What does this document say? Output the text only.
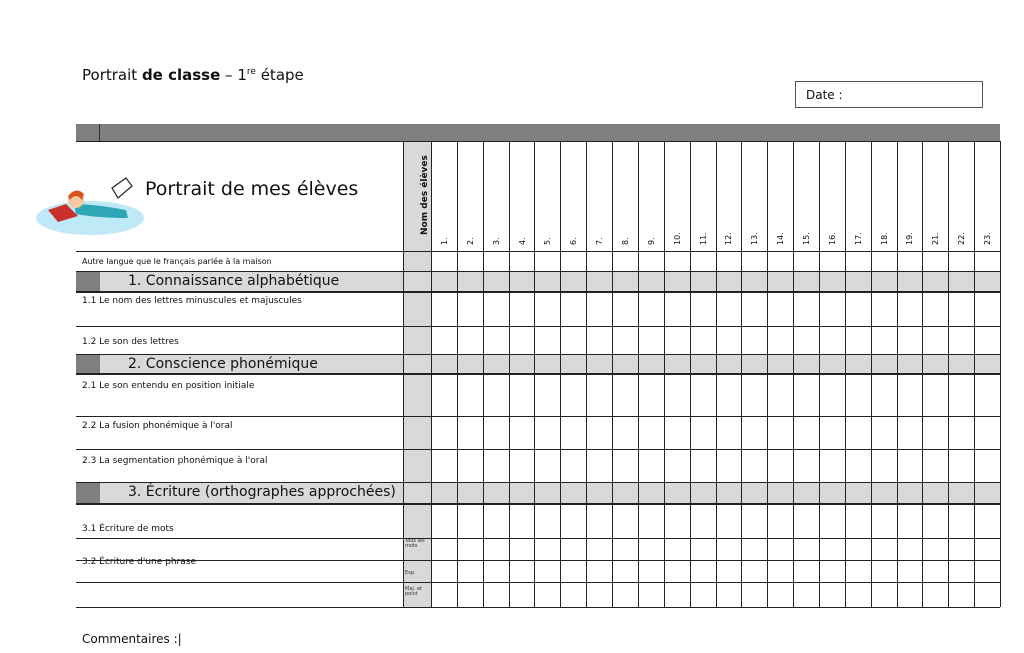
Portrait de classe – 1re étape
Date :
Portrait de mes élèves	Nom des élèves
1. Connaissance alphabétique
2. Conscience phonémique
3. Écriture (orthographes approchées)
Autre langue que le français parlée à la maison
1.1 Le nom des lettres minuscules et majuscules
1.2 Le son des lettres
2.1 Le son entendu en position initiale
2.2 La fusion phonémique à l'oral
2.3 La segmentation phonémique à l'oral
3.1 Écriture de mots
3.2 Écriture d'une phrase
Tous les mots
Esp.
Maj. et point
1. 2. 3. 4. 5. 6. 7. 8. 9. 10. 11. 12. 13. 14. 15. 16. 17. 18. 19. 21. 22. 23.
Commentaires :|
